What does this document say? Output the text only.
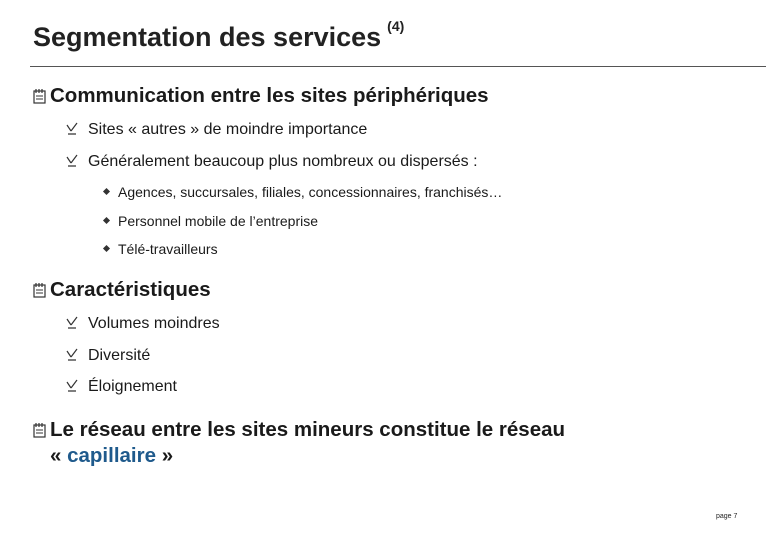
Segmentation des services $^{(4)}$
Communication entre les sites périphériques
Sites « autres » de moindre importance
Généralement beaucoup plus nombreux ou dispersés :
Agences, succursales, filiales, concessionnaires, franchisés…
Personnel mobile de l’entreprise
Télé-travailleurs
Caractéristiques
Volumes moindres
Diversité
Éloignement
Le réseau entre les sites mineurs constitue le réseau
« capillaire »
page 7
